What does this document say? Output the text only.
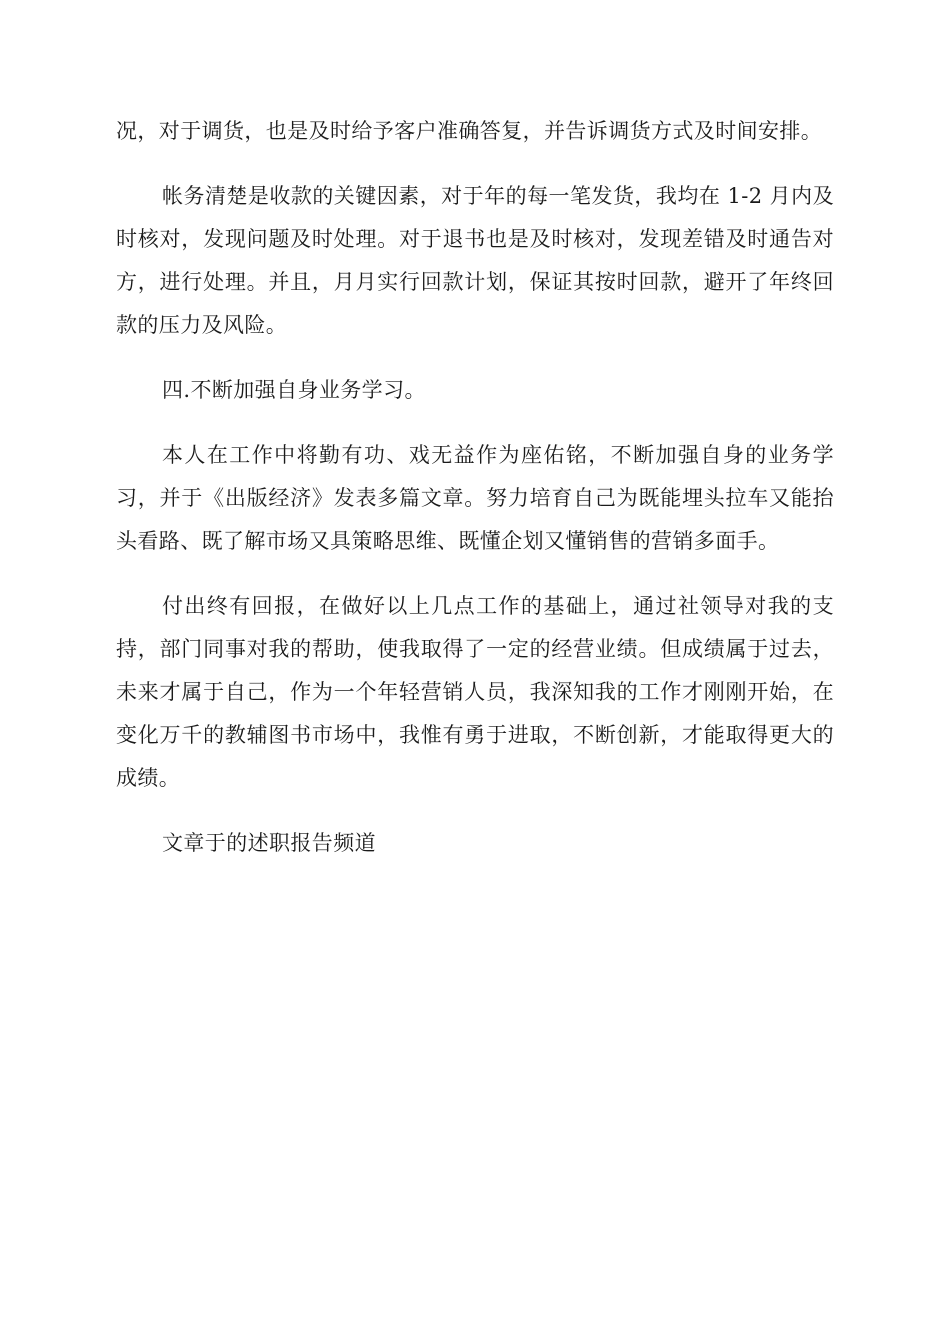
况，对于调货，也是及时给予客户准确答复，并告诉调货方式及时间安排。

帐务清楚是收款的关键因素，对于年的每一笔发货，我均在 1-2 月内及时核对，发现问题及时处理。对于退书也是及时核对，发现差错及时通告对方，进行处理。并且，月月实行回款计划，保证其按时回款，避开了年终回款的压力及风险。

四.不断加强自身业务学习。

本人在工作中将勤有功、戏无益作为座佑铭，不断加强自身的业务学习，并于《出版经济》发表多篇文章。努力培育自己为既能埋头拉车又能抬头看路、既了解市场又具策略思维、既懂企划又懂销售的营销多面手。

付出终有回报，在做好以上几点工作的基础上，通过社领导对我的支持，部门同事对我的帮助，使我取得了一定的经营业绩。但成绩属于过去，未来才属于自己，作为一个年轻营销人员，我深知我的工作才刚刚开始，在变化万千的教辅图书市场中，我惟有勇于进取，不断创新，才能取得更大的成绩。

文章于的述职报告频道
